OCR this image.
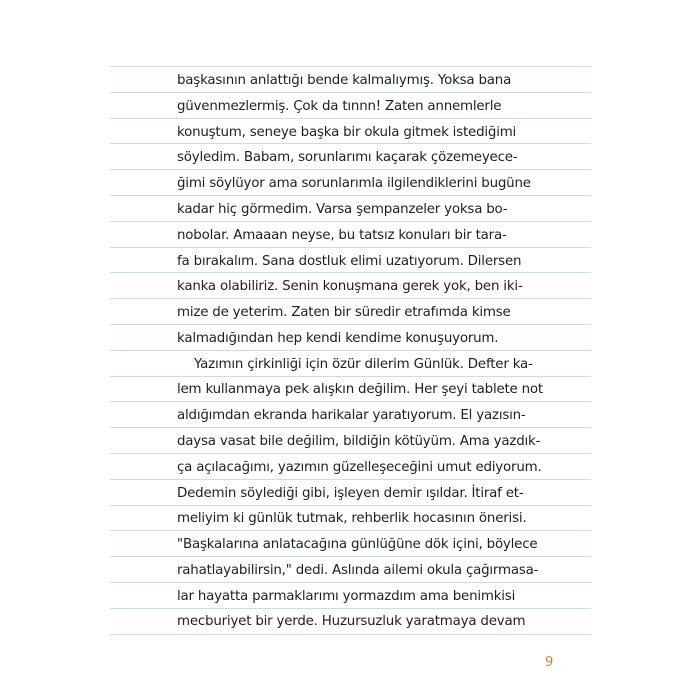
başkasının anlattığı bende kalmalıymış. Yoksa bana
güvenmezlermiş. Çok da tınnn! Zaten annemlerle
konuştum, seneye başka bir okula gitmek istediğimi
söyledim. Babam, sorunlarımı kaçarak çözemeyece-
ğimi söylüyor ama sorunlarımla ilgilendiklerini bugüne
kadar hiç görmedim. Varsa şempanzeler yoksa bo-
nobolar. Amaaan neyse, bu tatsız konuları bir tara-
fa bırakalım. Sana dostluk elimi uzatıyorum. Dilersen
kanka olabiliriz. Senin konuşmana gerek yok, ben iki-
mize de yeterim. Zaten bir süredir etrafımda kimse
kalmadığından hep kendi kendime konuşuyorum.
Yazımın çirkinliği için özür dilerim Günlük. Defter ka-
lem kullanmaya pek alışkın değilim. Her şeyi tablete not
aldığımdan ekranda harikalar yaratıyorum. El yazısın-
daysa vasat bile değilim, bildiğin kötüyüm. Ama yazdık-
ça açılacağımı, yazımın güzelleşeceğini umut ediyorum.
Dedemin söylediği gibi, işleyen demir ışıldar. İtiraf et-
meliyim ki günlük tutmak, rehberlik hocasının önerisi.
"Başkalarına anlatacağına günlüğüne dök içini, böylece
rahatlayabilirsin," dedi. Aslında ailemi okula çağırmasa-
lar hayatta parmaklarımı yormazdım ama benimkisi
mecburiyet bir yerde. Huzursuzluk yaratmaya devam
9
